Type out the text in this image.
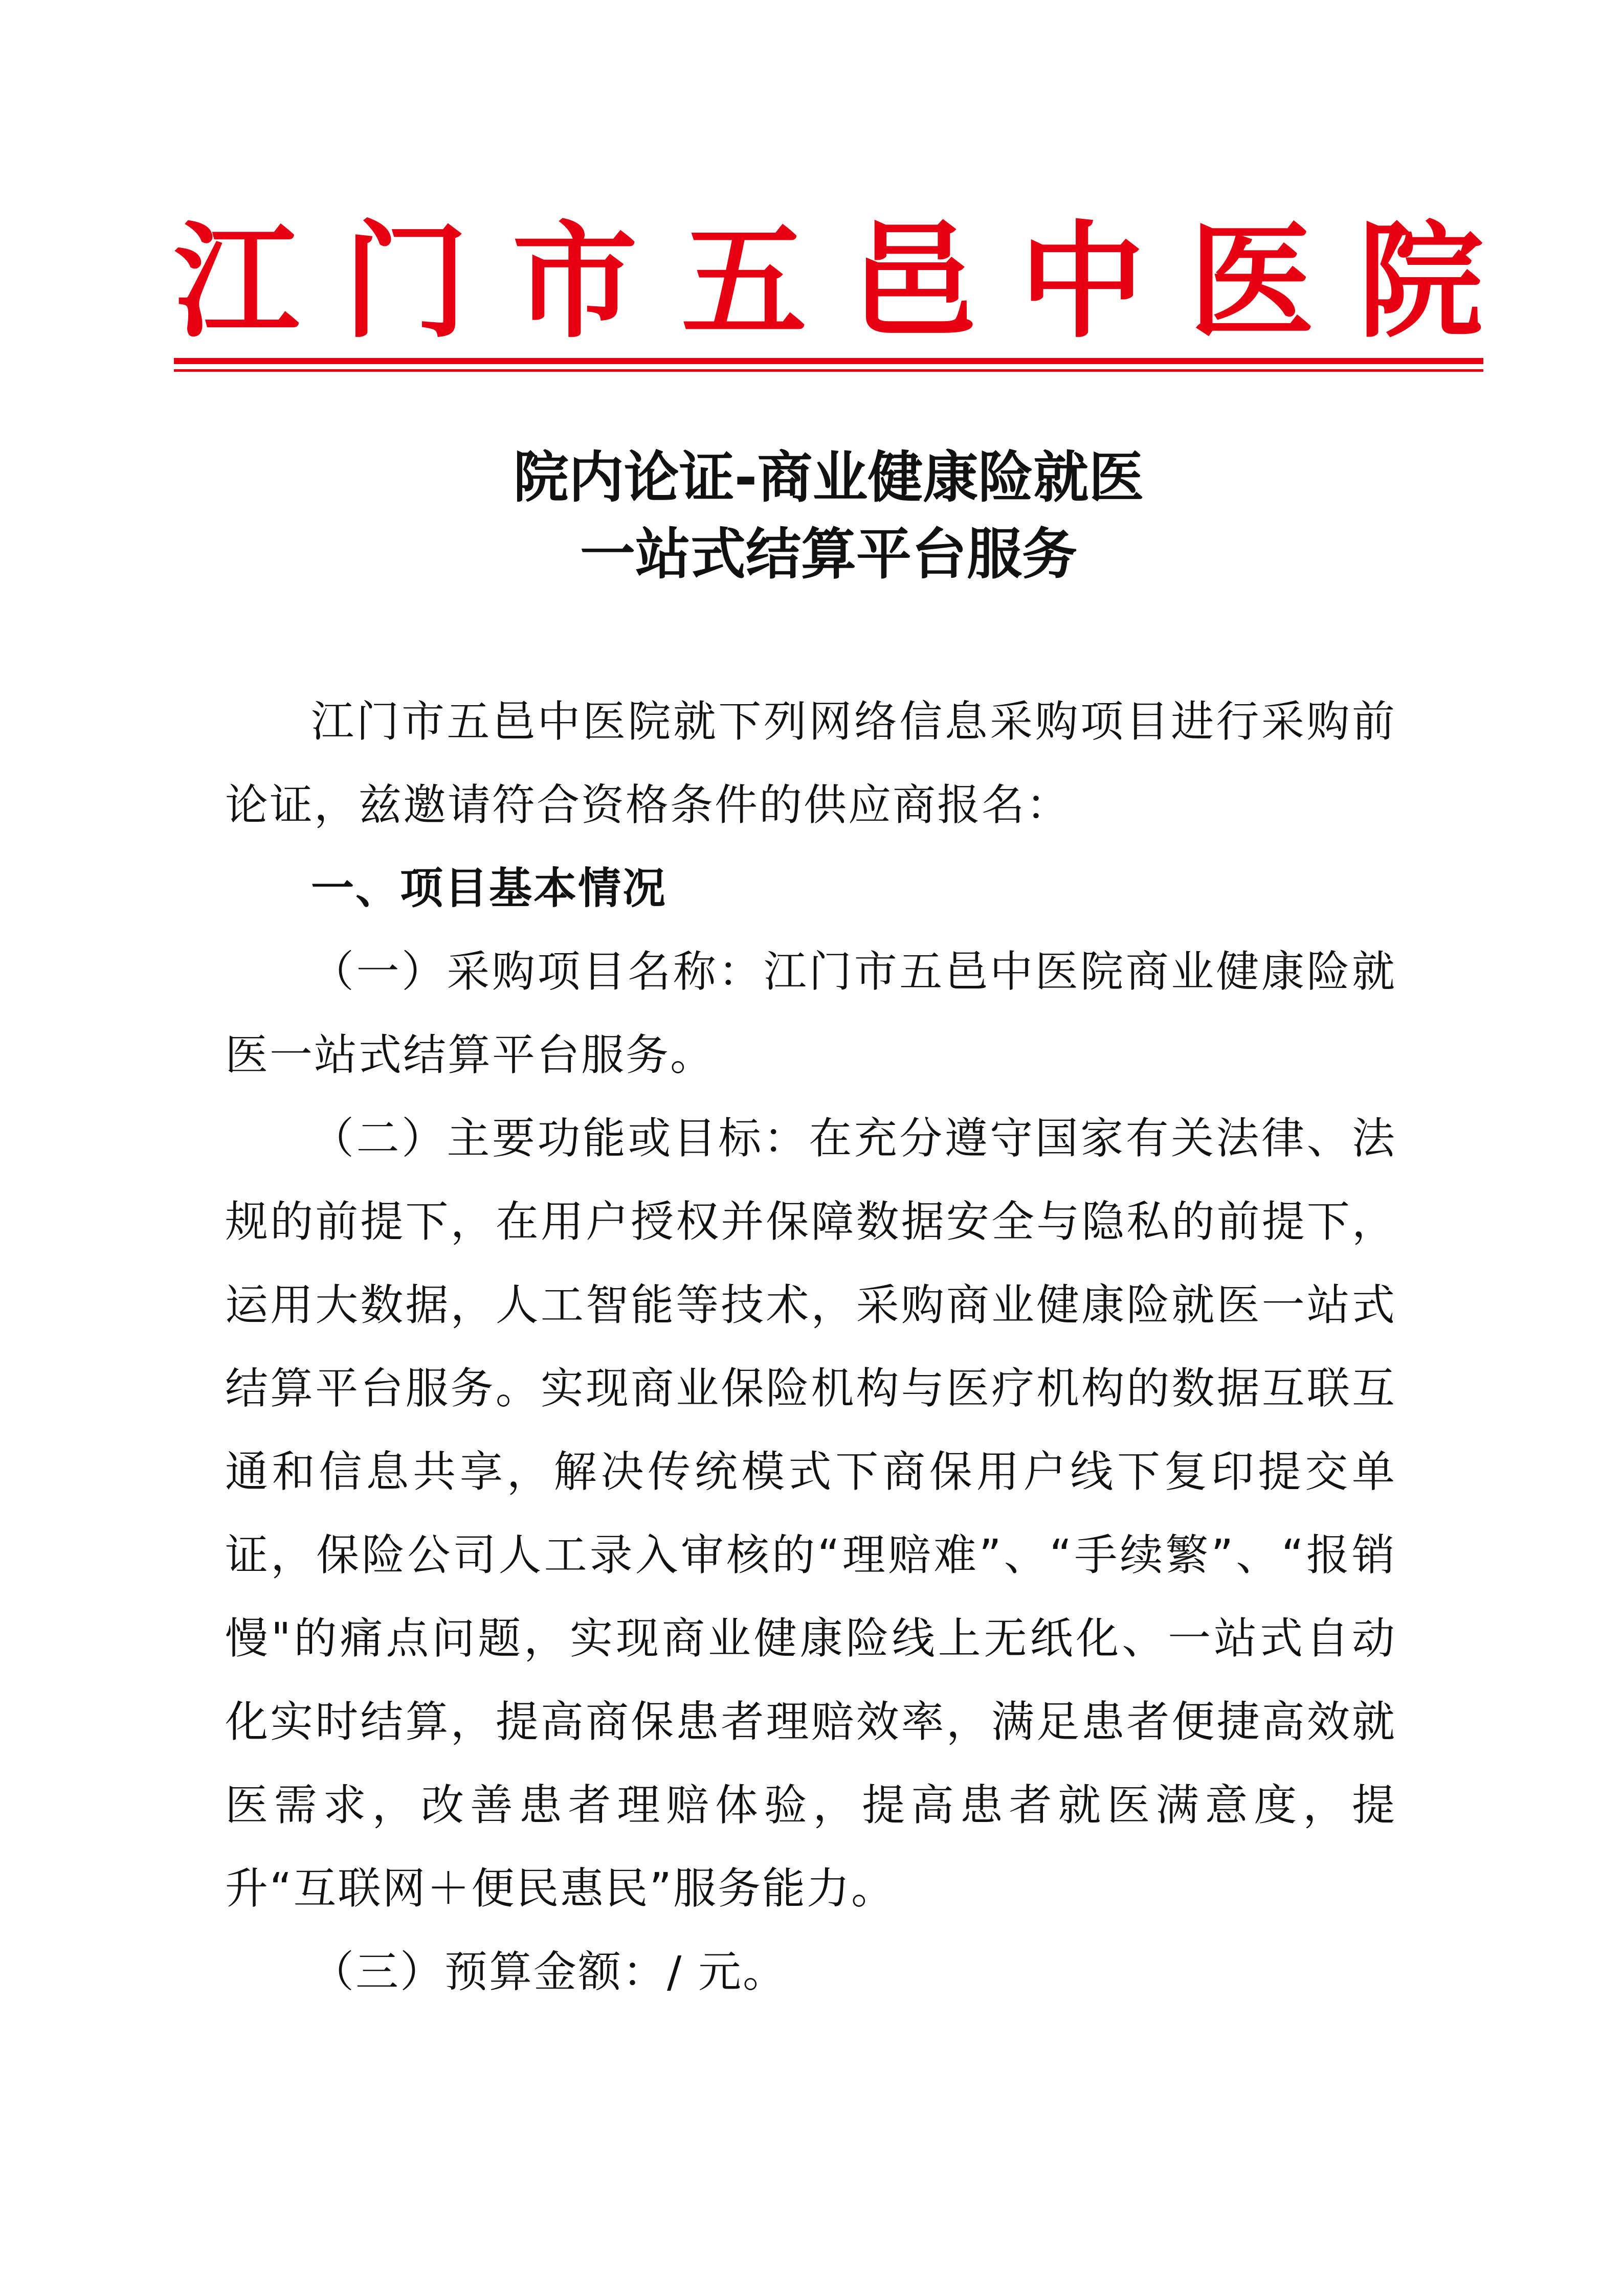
江 门 市 五 邑 中 医 院
院内论证-商业健康险就医
一站式结算平台服务

江门市五邑中医院就下列网络信息采购项目进行采购前论证，兹邀请符合资格条件的供应商报名：

一、项目基本情况

（一）采购项目名称：江门市五邑中医院商业健康险就医一站式结算平台服务。

（二）主要功能或目标：在充分遵守国家有关法律、法规的前提下，在用户授权并保障数据安全与隐私的前提下，运用大数据，人工智能等技术，采购商业健康险就医一站式结算平台服务。实现商业保险机构与医疗机构的数据互联互通和信息共享，解决传统模式下商保用户线下复印提交单证，保险公司人工录入审核的“理赔难”、“手续繁”、“报销慢"的痛点问题，实现商业健康险线上无纸化、一站式自动化实时结算，提高商保患者理赔效率，满足患者便捷高效就医需求，改善患者理赔体验，提高患者就医满意度，提升“互联网＋便民惠民”服务能力。

（三）预算金额：/ 元。
